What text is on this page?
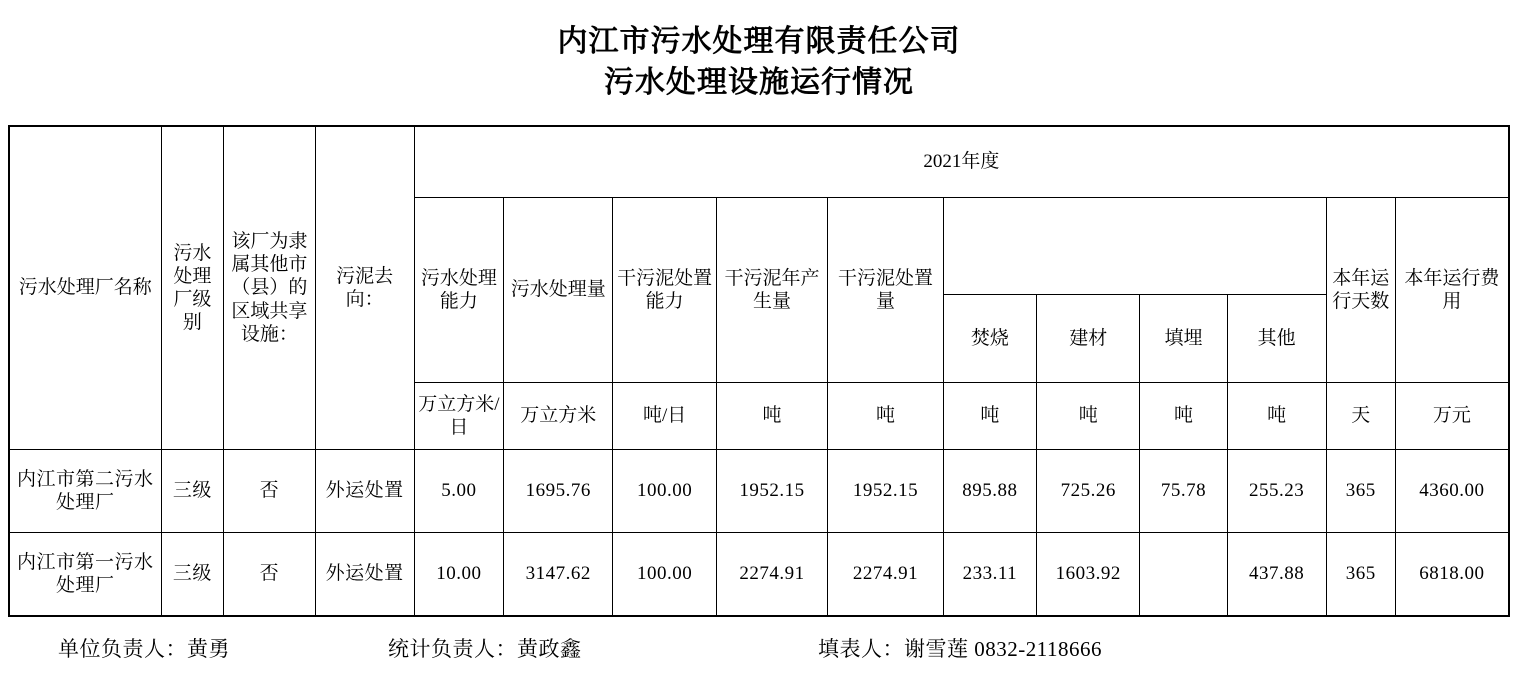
内江市污水处理有限责任公司
污水处理设施运行情况
污水处理厂名称	污水处理厂级别	该厂为隶属其他市（县）的区域共享设施：	污泥去向：	2021年度										
				污水处理能力	污水处理量	干污泥处置能力	干污泥年产生量	干污泥处置量					本年运行天数	本年运行费用
									焚烧	建材	填埋	其他		
				万立方米/日	万立方米	吨/日	吨	吨	吨	吨	吨	吨	天	万元
内江市第二污水处理厂	三级	否	外运处置	5.00	1695.76	100.00	1952.15	1952.15	895.88	725.26	75.78	255.23	365	4360.00
内江市第一污水处理厂	三级	否	外运处置	10.00	3147.62	100.00	2274.91	2274.91	233.11	1603.92		437.88	365	6818.00
单位负责人：黄勇	统计负责人：黄政鑫	填表人：谢雪莲 0832-2118666
